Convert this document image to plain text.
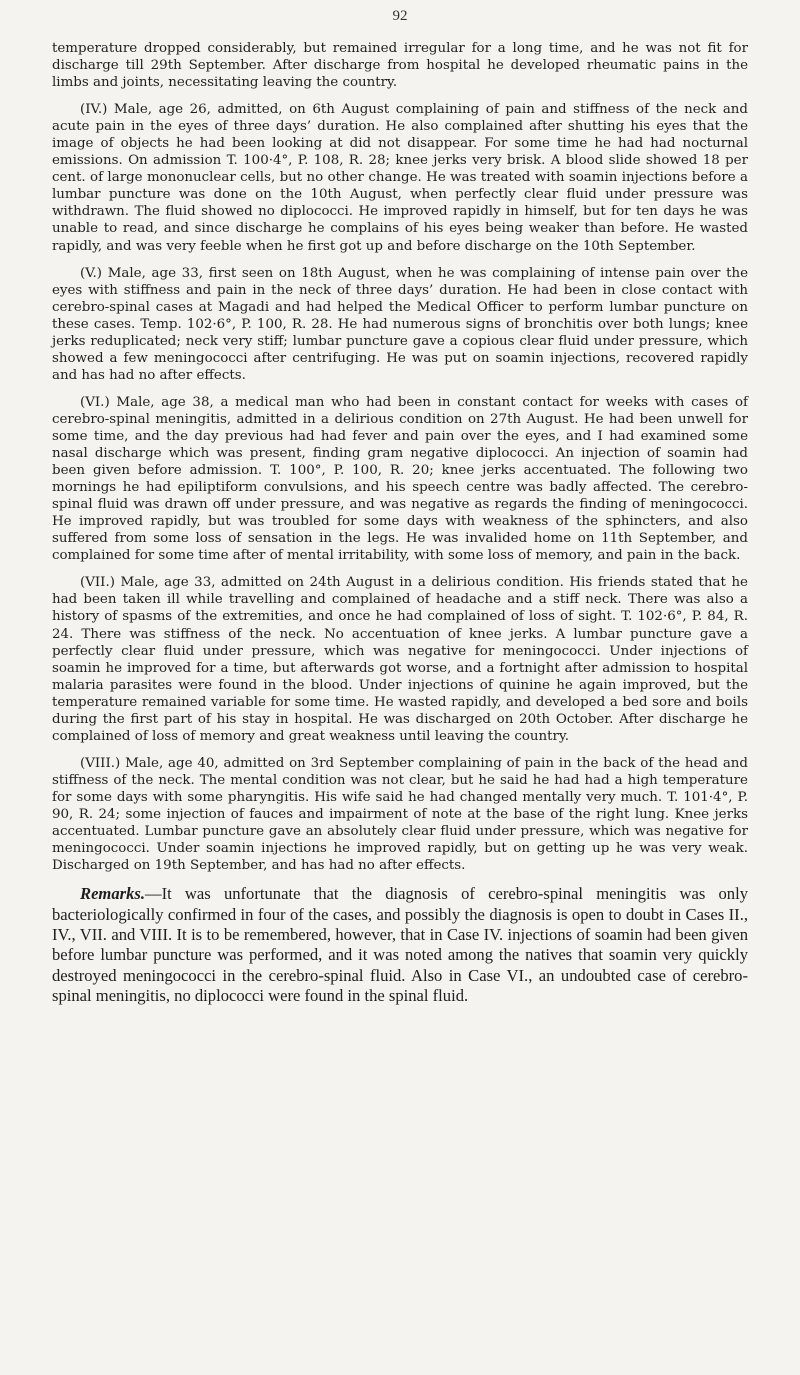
92

temperature dropped considerably, but remained irregular for a long time, and he was not fit for discharge till 29th September. After discharge from hospital he developed rheumatic pains in the limbs and joints, necessitating leaving the country.

(IV.) Male, age 26, admitted, on 6th August complaining of pain and stiffness of the neck and acute pain in the eyes of three days’ duration. He also complained after shutting his eyes that the image of objects he had been looking at did not disappear. For some time he had had nocturnal emissions. On admission T. 100·4°, P. 108, R. 28; knee jerks very brisk. A blood slide showed 18 per cent. of large mononuclear cells, but no other change. He was treated with soamin injections before a lumbar puncture was done on the 10th August, when perfectly clear fluid under pressure was withdrawn. The fluid showed no diplococci. He improved rapidly in himself, but for ten days he was unable to read, and since discharge he complains of his eyes being weaker than before. He wasted rapidly, and was very feeble when he first got up and before discharge on the 10th September.

(V.) Male, age 33, first seen on 18th August, when he was complaining of intense pain over the eyes with stiffness and pain in the neck of three days’ duration. He had been in close contact with cerebro-spinal cases at Magadi and had helped the Medical Officer to perform lumbar puncture on these cases. Temp. 102·6°, P. 100, R. 28. He had numerous signs of bronchitis over both lungs; knee jerks reduplicated; neck very stiff; lumbar puncture gave a copious clear fluid under pressure, which showed a few meningococci after centrifuging. He was put on soamin injections, recovered rapidly and has had no after effects.

(VI.) Male, age 38, a medical man who had been in constant contact for weeks with cases of cerebro-spinal meningitis, admitted in a delirious condition on 27th August. He had been unwell for some time, and the day previous had had fever and pain over the eyes, and I had examined some nasal discharge which was present, finding gram negative diplococci. An injection of soamin had been given before admission. T. 100°, P. 100, R. 20; knee jerks accentuated. The following two mornings he had epiliptiform convulsions, and his speech centre was badly affected. The cerebro-spinal fluid was drawn off under pressure, and was negative as regards the finding of meningococci. He improved rapidly, but was troubled for some days with weakness of the sphincters, and also suffered from some loss of sensation in the legs. He was invalided home on 11th September, and complained for some time after of mental irritability, with some loss of memory, and pain in the back.

(VII.) Male, age 33, admitted on 24th August in a delirious condition. His friends stated that he had been taken ill while travelling and complained of headache and a stiff neck. There was also a history of spasms of the extremities, and once he had complained of loss of sight. T. 102·6°, P. 84, R. 24. There was stiffness of the neck. No accentuation of knee jerks. A lumbar puncture gave a perfectly clear fluid under pressure, which was negative for meningococci. Under injections of soamin he improved for a time, but afterwards got worse, and a fortnight after admission to hospital malaria parasites were found in the blood. Under injections of quinine he again improved, but the temperature remained variable for some time. He wasted rapidly, and developed a bed sore and boils during the first part of his stay in hospital. He was discharged on 20th October. After discharge he complained of loss of memory and great weakness until leaving the country.

(VIII.) Male, age 40, admitted on 3rd September complaining of pain in the back of the head and stiffness of the neck. The mental condition was not clear, but he said he had had a high temperature for some days with some pharyngitis. His wife said he had changed mentally very much. T. 101·4°, P. 90, R. 24; some injection of fauces and impairment of note at the base of the right lung. Knee jerks accentuated. Lumbar puncture gave an absolutely clear fluid under pressure, which was negative for meningococci. Under soamin injections he improved rapidly, but on getting up he was very weak. Discharged on 19th September, and has had no after effects.

Remarks.—It was unfortunate that the diagnosis of cerebro-spinal meningitis was only bacteriologically confirmed in four of the cases, and possibly the diagnosis is open to doubt in Cases II., IV., VII. and VIII. It is to be remembered, however, that in Case IV. injections of soamin had been given before lumbar puncture was performed, and it was noted among the natives that soamin very quickly destroyed meningococci in the cerebro-spinal fluid. Also in Case VI., an undoubted case of cerebro-spinal meningitis, no diplococci were found in the spinal fluid.
